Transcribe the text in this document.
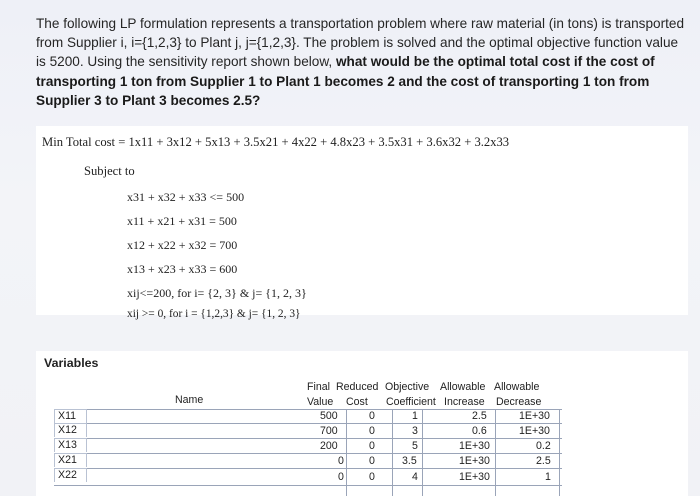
The following LP formulation represents a transportation problem where raw material (in tons) is transported from Supplier i, i={1,2,3} to Plant j, j={1,2,3}. The problem is solved and the optimal objective function value is 5200. Using the sensitivity report shown below, what would be the optimal total cost if the cost of transporting 1 ton from Supplier 1 to Plant 1 becomes 2 and the cost of transporting 1 ton from Supplier 3 to Plant 3 becomes 2.5?
Min Total cost = 1x11 + 3x12 + 5x13 + 3.5x21 + 4x22 + 4.8x23 + 3.5x31 + 3.6x32 + 3.2x33
Subject to
x31 + x32 + x33 <= 500
x11 + x21 + x31 = 500
x12 + x22 + x32 = 700
x13 + x23 + x33 = 600
xij<=200, for i= {2, 3} & j= {1, 2, 3}
xij >= 0, for i = {1,2,3} & j= {1, 2, 3}
Variables
Final Reduced Objective Allowable Allowable
Name	Value Cost Coefficient Increase Decrease
X11	500	0	1	2.5	1E+30
X12	700	0	3	0.6	1E+30
X13	200	0	5	1E+30	0.2
X21	0 0	3.5	1E+30	2.5
X22	0 0	4	1E+30	1
